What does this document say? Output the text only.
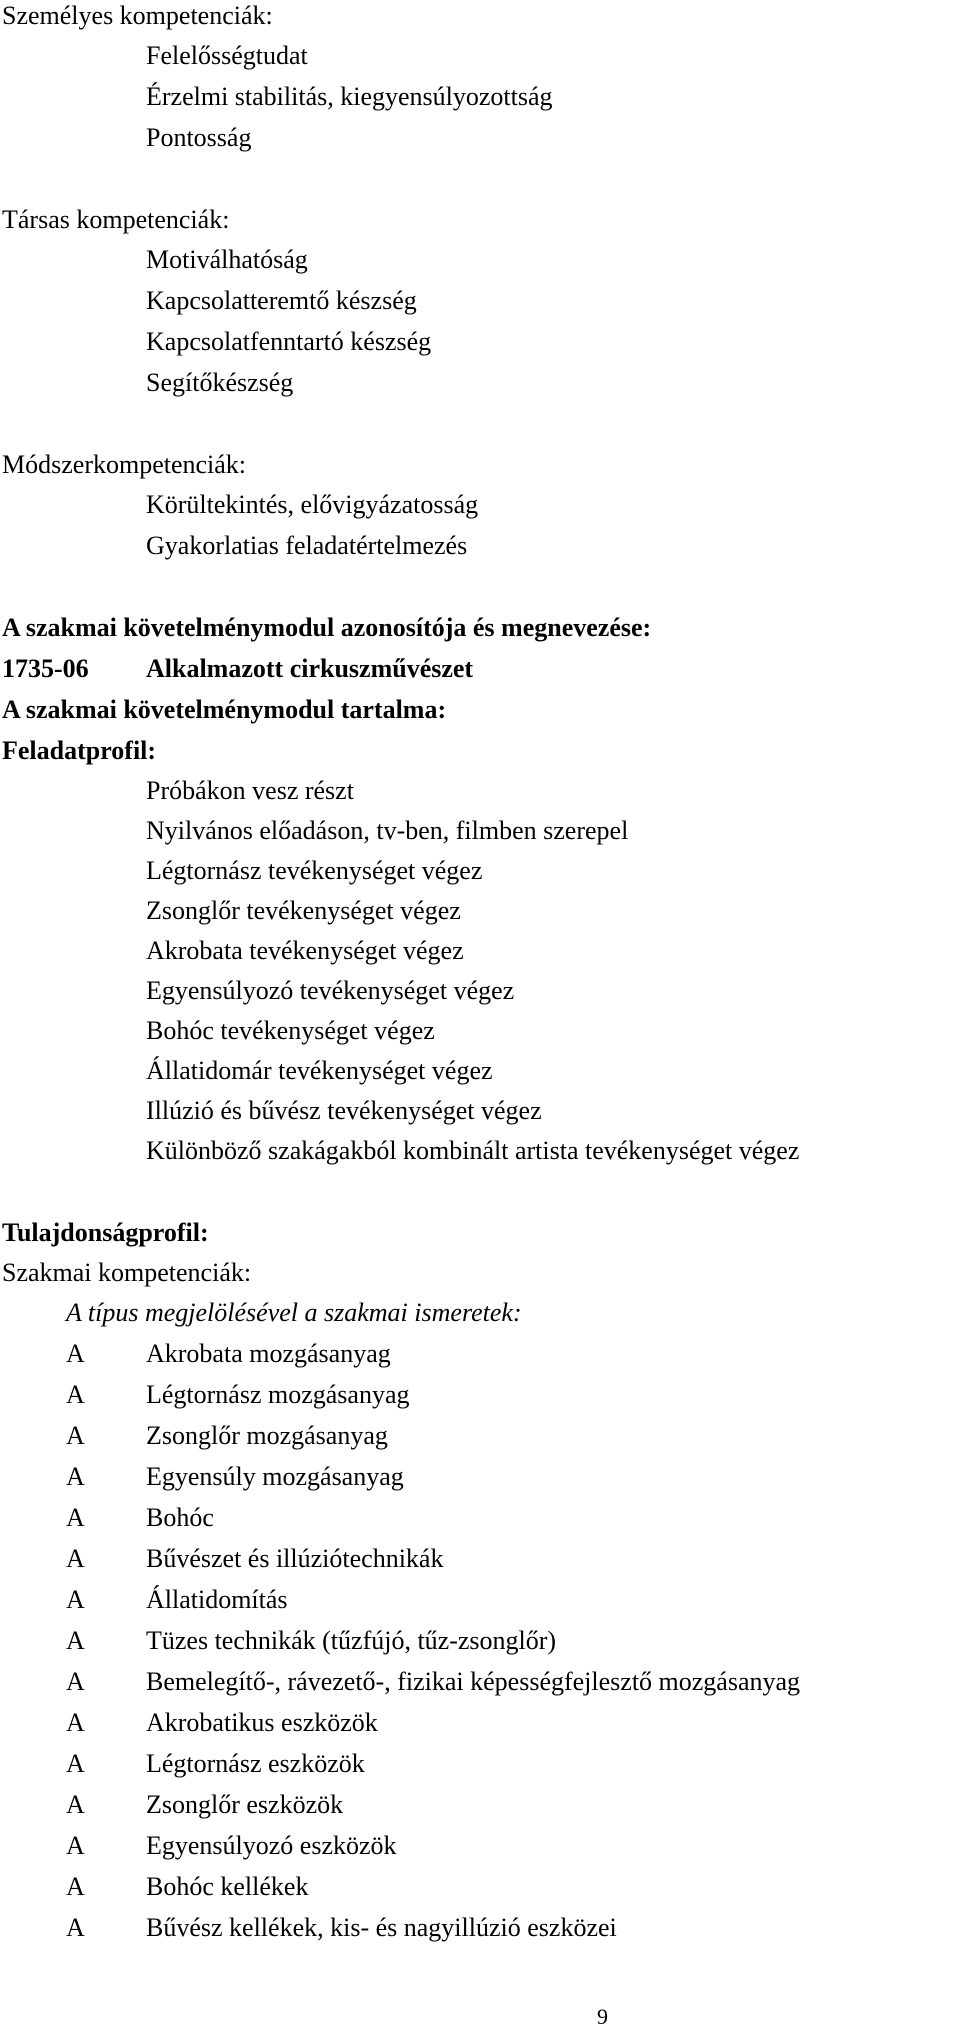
Személyes kompetenciák:
Felelősségtudat
Érzelmi stabilitás, kiegyensúlyozottság
Pontosság
Társas kompetenciák:
Motiválhatóság
Kapcsolatteremtő készség
Kapcsolatfenntartó készség
Segítőkészség
Módszerkompetenciák:
Körültekintés, elővigyázatosság
Gyakorlatias feladatértelmezés
A szakmai követelménymodul azonosítója és megnevezése:
1735-06 Alkalmazott cirkuszművészet
A szakmai követelménymodul tartalma:
Feladatprofil:
Próbákon vesz részt
Nyilvános előadáson, tv-ben, filmben szerepel
Légtornász tevékenységet végez
Zsonglőr tevékenységet végez
Akrobata tevékenységet végez
Egyensúlyozó tevékenységet végez
Bohóc tevékenységet végez
Állatidomár tevékenységet végez
Illúzió és bűvész tevékenységet végez
Különböző szakágakból kombinált artista tevékenységet végez
Tulajdonságprofil:
Szakmai kompetenciák:
A típus megjelölésével a szakmai ismeretek:
A Akrobata mozgásanyag
A Légtornász mozgásanyag
A Zsonglőr mozgásanyag
A Egyensúly mozgásanyag
A Bohóc
A Bűvészet és illúziótechnikák
A Állatidomítás
A Tüzes technikák (tűzfújó, tűz-zsonglőr)
A Bemelegítő-, rávezető-, fizikai képességfejlesztő mozgásanyag
A Akrobatikus eszközök
A Légtornász eszközök
A Zsonglőr eszközök
A Egyensúlyozó eszközök
A Bohóc kellékek
A Bűvész kellékek, kis- és nagyillúzió eszközei
9
